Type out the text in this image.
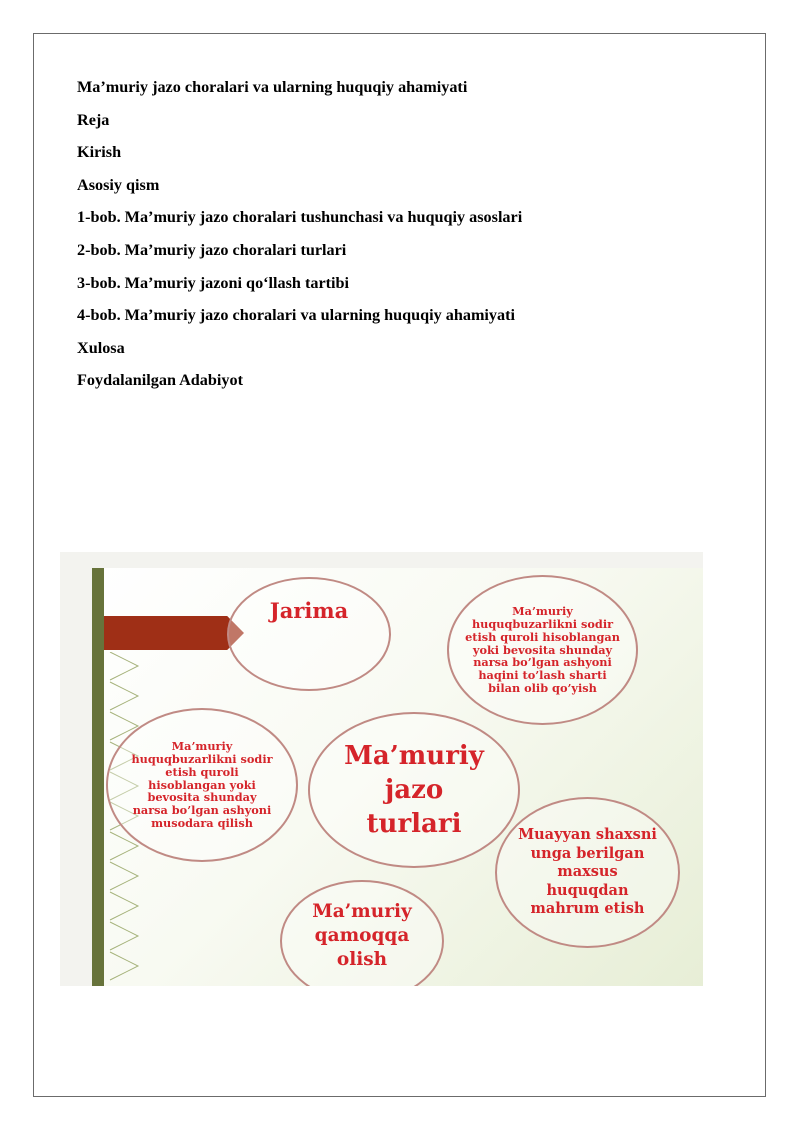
Ma’muriy jazo choralari va ularning huquqiy ahamiyati
Reja
Kirish
Asosiy qism
1-bob. Ma’muriy jazo choralari tushunchasi va huquqiy asoslari
2-bob. Ma’muriy jazo choralari turlari
3-bob. Ma’muriy jazoni qo‘llash tartibi
4-bob. Ma’muriy jazo choralari va ularning huquqiy ahamiyati
Xulosa
Foydalanilgan Adabiyot
Jarima	Ma’muriy
huquqbuzarlikni sodir
etish quroli hisoblangan
yoki bevosita shunday
narsa bo’lgan ashyoni
haqini to’lash sharti
bilan olib qo’yish
Ma’muriy
huquqbuzarlikni sodir
etish quroli
hisoblangan yoki
bevosita shunday
narsa bo’lgan ashyoni
musodara qilish
Ma’muriy
jazo
turlari	Muayyan shaxsni
unga berilgan
maxsus
huquqdan
mahrum etish
Ma’muriy
qamoqqa
olish
